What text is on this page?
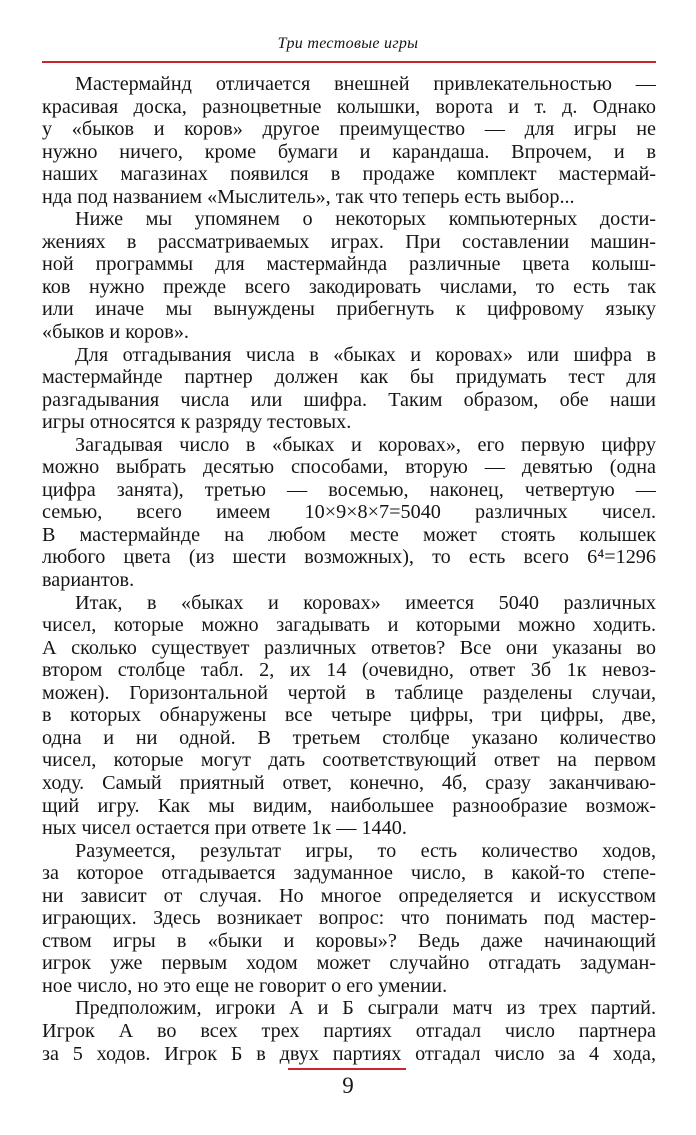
Три тестовые игры
Мастермайнд отличается внешней привлекательностью —
красивая доска, разноцветные колышки, ворота и т. д. Однако
у «быков и коров» другое преимущество — для игры не
нужно ничего, кроме бумаги и карандаша. Впрочем, и в
наших магазинах появился в продаже комплект мастермай-
нда под названием «Мыслитель», так что теперь есть выбор...
Ниже мы упомянем о некоторых компьютерных дости-
жениях в рассматриваемых играх. При составлении машин-
ной программы для мастермайнда различные цвета колыш-
ков нужно прежде всего закодировать числами, то есть так
или иначе мы вынуждены прибегнуть к цифровому языку
«быков и коров».
Для отгадывания числа в «быках и коровах» или шифра в
мастермайнде партнер должен как бы придумать тест для
разгадывания числа или шифра. Таким образом, обе наши
игры относятся к разряду тестовых.
Загадывая число в «быках и коровах», его первую цифру
можно выбрать десятью способами, вторую — девятью (одна
цифра занята), третью — восемью, наконец, четвертую —
семью, всего имеем 10×9×8×7=5040 различных чисел.
В мастермайнде на любом месте может стоять колышек
любого цвета (из шести возможных), то есть всего 6⁴=1296
вариантов.
Итак, в «быках и коровах» имеется 5040 различных
чисел, которые можно загадывать и которыми можно ходить.
А сколько существует различных ответов? Все они указаны во
втором столбце табл. 2, их 14 (очевидно, ответ 3б 1к невоз-
можен). Горизонтальной чертой в таблице разделены случаи,
в которых обнаружены все четыре цифры, три цифры, две,
одна и ни одной. В третьем столбце указано количество
чисел, которые могут дать соответствующий ответ на первом
ходу. Самый приятный ответ, конечно, 4б, сразу заканчиваю-
щий игру. Как мы видим, наибольшее разнообразие возмож-
ных чисел остается при ответе 1к — 1440.
Разумеется, результат игры, то есть количество ходов,
за которое отгадывается задуманное число, в какой-то степе-
ни зависит от случая. Но многое определяется и искусством
играющих. Здесь возникает вопрос: что понимать под мастер-
ством игры в «быки и коровы»? Ведь даже начинающий
игрок уже первым ходом может случайно отгадать задуман-
ное число, но это еще не говорит о его умении.
Предположим, игроки А и Б сыграли матч из трех партий.
Игрок А во всех трех партиях отгадал число партнера
за 5 ходов. Игрок Б в двух партиях отгадал число за 4 хода,
9
